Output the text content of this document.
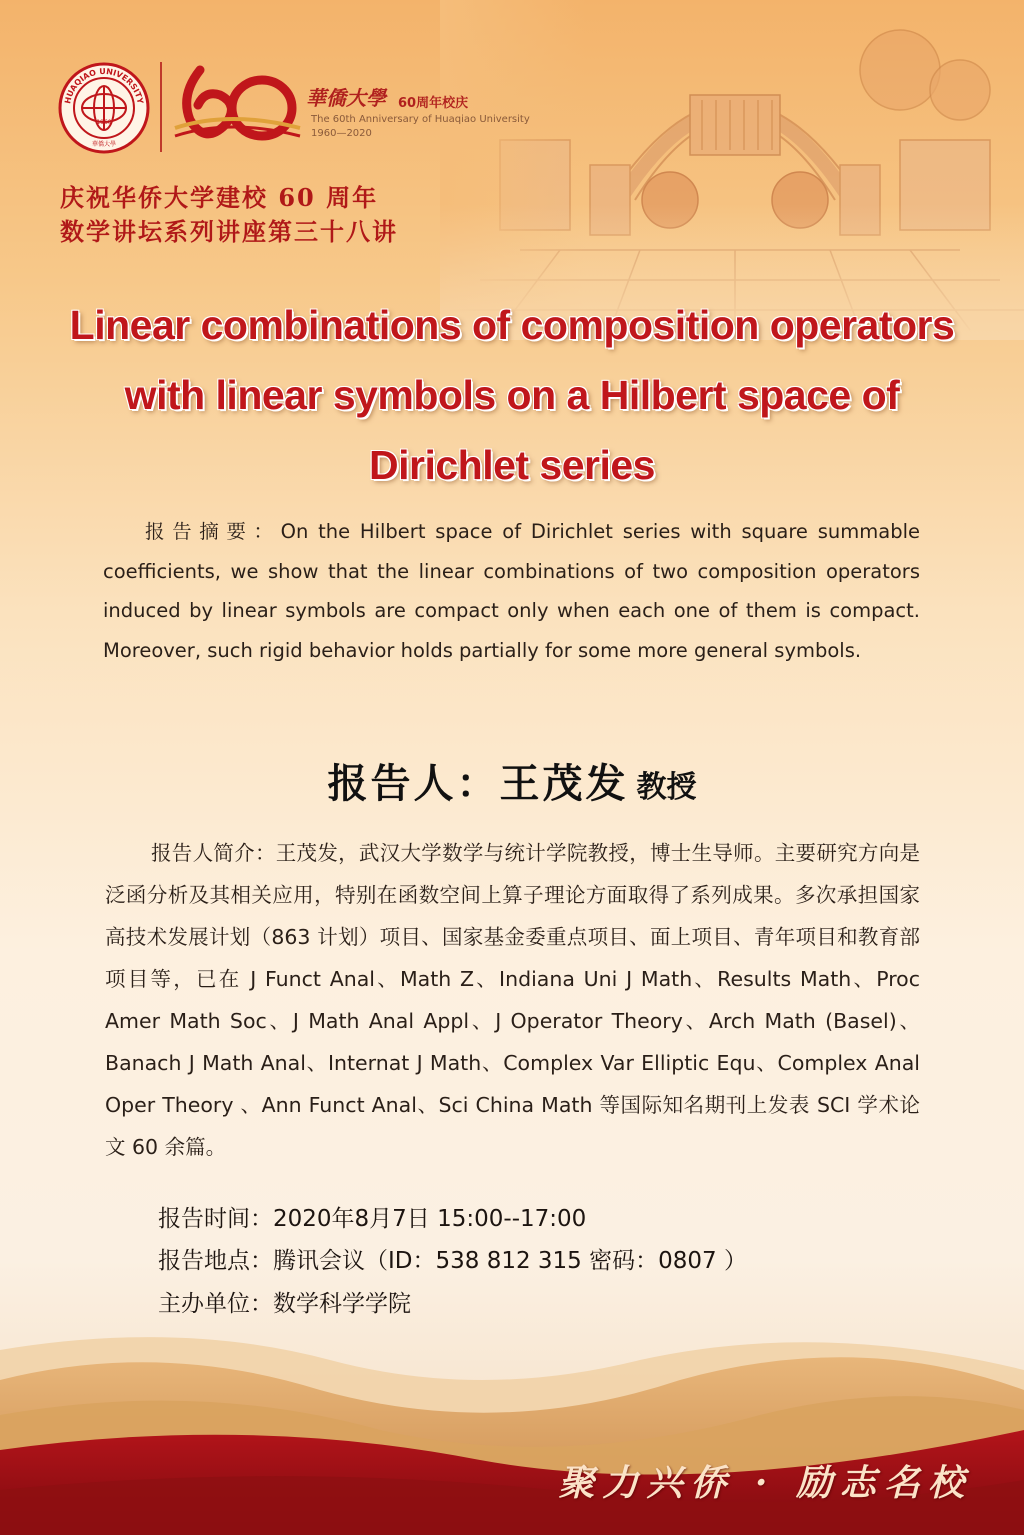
HUAQIAO UNIVERSITY
1960
華僑大學
華僑大學 60周年校庆
The 60th Anniversary of Huaqiao University
1960—2020
庆祝华侨大学建校 60 周年
数学讲坛系列讲座第三十八讲
Linear combinations of composition operators with linear symbols on a Hilbert space of Dirichlet series
报告摘要：On the Hilbert space of Dirichlet series with square summable coefficients, we show that the linear combinations of two composition operators induced by linear symbols are compact only when each one of them is compact. Moreover, such rigid behavior holds partially for some more general symbols.
报告人：王茂发 教授
报告人简介：王茂发，武汉大学数学与统计学院教授，博士生导师。主要研究方向是泛函分析及其相关应用，特别在函数空间上算子理论方面取得了系列成果。多次承担国家高技术发展计划（863 计划）项目、国家基金委重点项目、面上项目、青年项目和教育部项目等，已在 J Funct Anal、Math Z、Indiana Uni J Math、Results Math、Proc Amer Math Soc、J Math Anal Appl、J Operator Theory、Arch Math (Basel)、Banach J Math Anal、Internat J Math、Complex Var Elliptic Equ、Complex Anal Oper Theory 、Ann Funct Anal、Sci China Math 等国际知名期刊上发表 SCI 学术论文 60 余篇。
报告时间：2020年8月7日 15:00--17:00
报告地点：腾讯会议（ID：538 812 315 密码：0807 ）
主办单位：数学科学学院
聚力兴侨 · 励志名校
